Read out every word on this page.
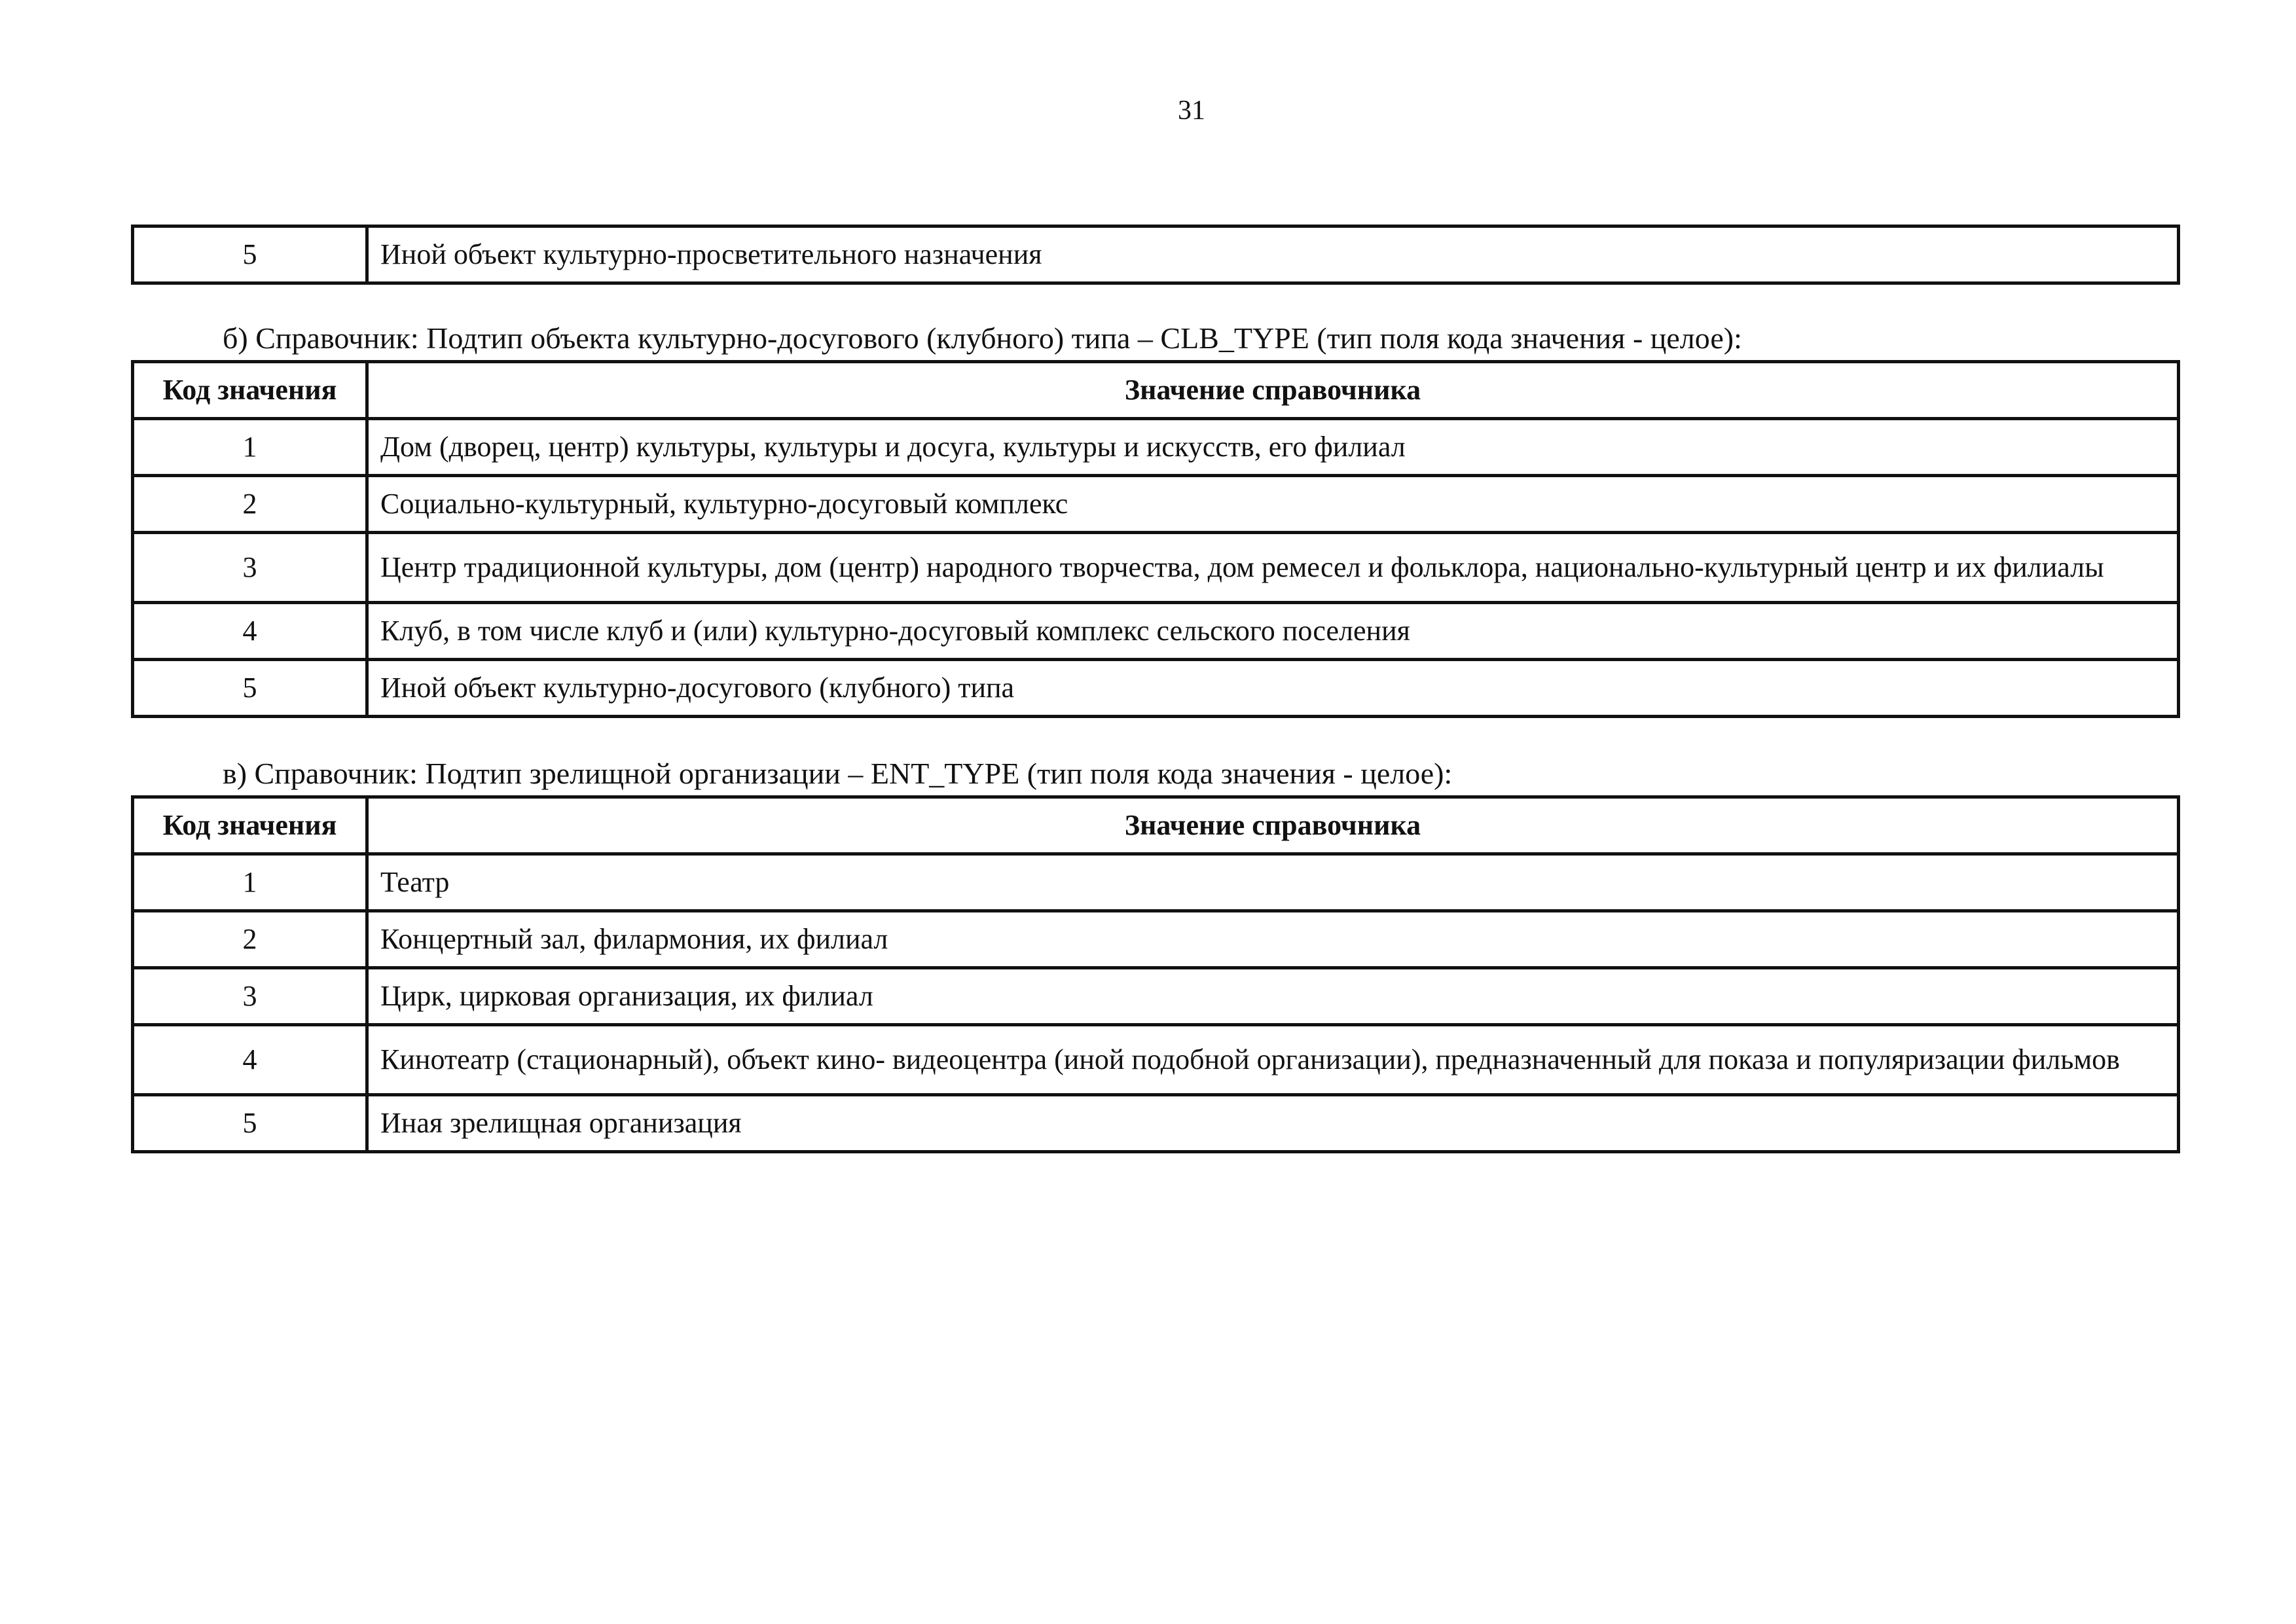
31
5	Иной объект культурно-просветительного назначения
б) Справочник: Подтип объекта культурно-досугового (клубного) типа – CLB_TYPE (тип поля кода значения - целое):
Код значения	Значение справочника
1	Дом (дворец, центр) культуры, культуры и досуга, культуры и искусств, его филиал
2	Социально-культурный, культурно-досуговый комплекс
3	Центр традиционной культуры, дом (центр) народного творчества, дом ремесел и фольклора, национально-культурный центр и их филиалы
4	Клуб, в том числе клуб и (или) культурно-досуговый комплекс сельского поселения
5	Иной объект культурно-досугового (клубного) типа
в) Справочник: Подтип зрелищной организации – ENT_TYPE (тип поля кода значения - целое):
Код значения	Значение справочника
1	Театр
2	Концертный зал, филармония, их филиал
3	Цирк, цирковая организация, их филиал
4	Кинотеатр (стационарный), объект кино- видеоцентра (иной подобной организации), предназначенный для показа и популяризации фильмов
5	Иная зрелищная организация
